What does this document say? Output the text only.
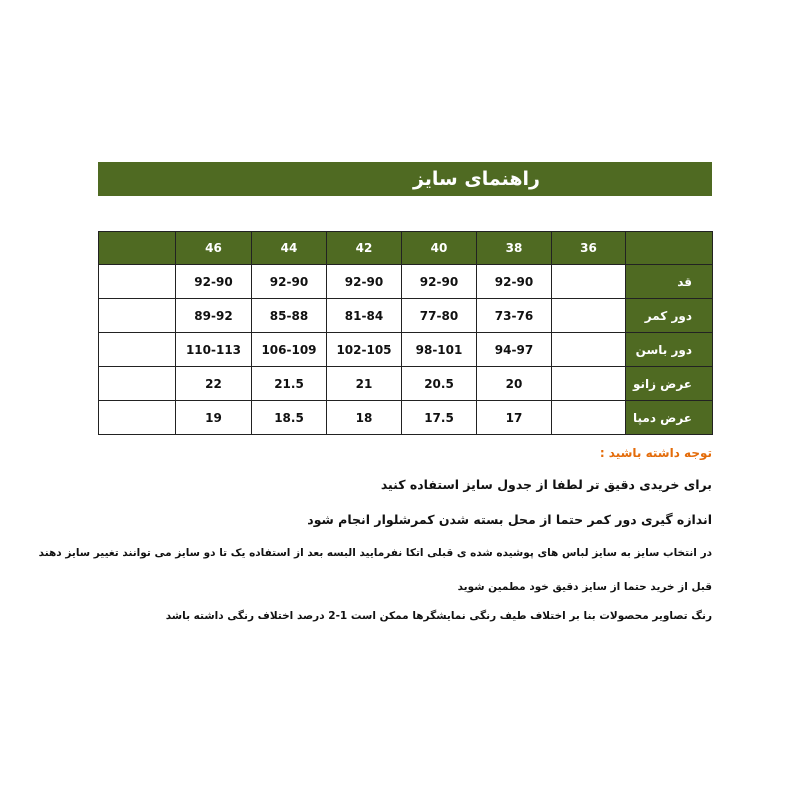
راهنمای سایز
	46	44	42	40	38	36	
	92-90	92-90	92-90	92-90	92-90		قد
	89-92	85-88	81-84	77-80	73-76		دور کمر
	110-113	106-109	102-105	98-101	94-97		دور باسن
	22	21.5	21	20.5	20		عرض زانو
	19	18.5	18	17.5	17		عرض دمپا

توجه داشته باشید :

برای خریدی دقیق تر لطفا از جدول سایز استفاده کنید

اندازه گیری دور کمر حتما از محل بسته شدن کمرشلوار انجام شود

در انتخاب سایز به سایز لباس های پوشیده شده ی قبلی اتکا نفرمایید البسه بعد از استفاده یک تا دو سایز می توانند تغییر سایز دهند

قبل از خرید حتما از سایز دقیق خود مطمین شوید

رنگ تصاویر محصولات بنا بر اختلاف طیف رنگی نمایشگرها ممکن است 1-2 درصد اختلاف رنگی داشته باشد
